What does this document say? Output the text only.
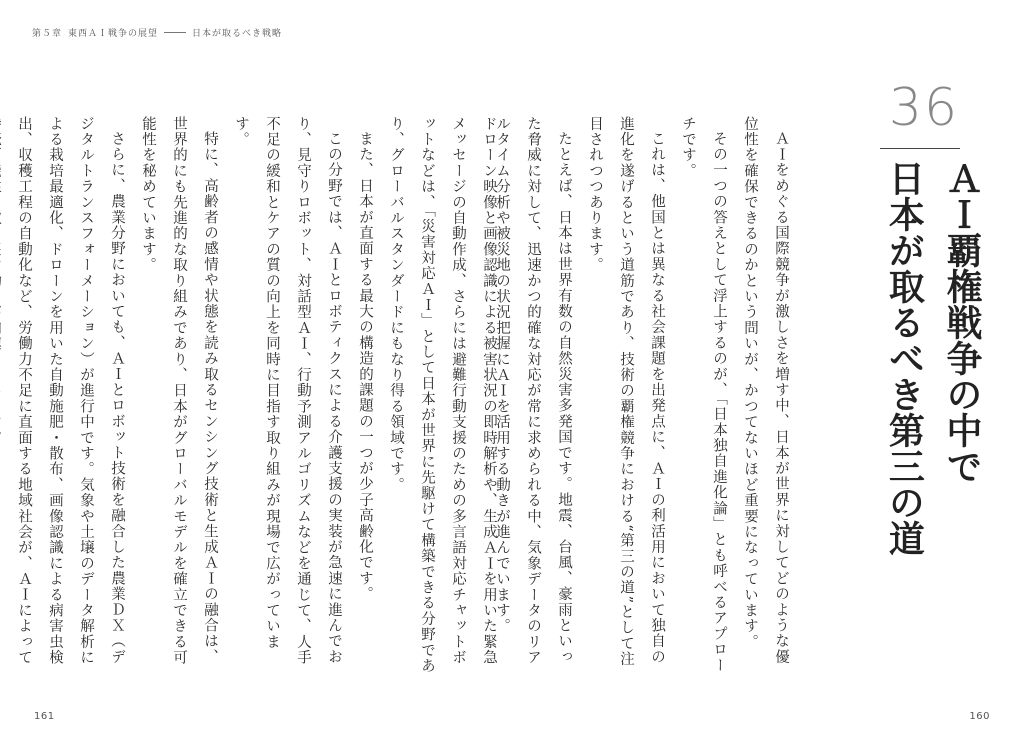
第５章 東西ＡＩ戦争の展望	日本が取るべき戦略
36
ＡＩ覇権戦争の中で
日本が取るべき第三の道

ＡＩをめぐる国際競争が激しさを増す中、日本が世界に対してどのような優位性を確保できるのかという問いが、かつてないほど重要になっています。

その一つの答えとして浮上するのが、「日本独自進化論」とも呼べるアプローチです。

これは、他国とは異なる社会課題を出発点に、ＡＩの利活用において独自の進化を遂げるという道筋であり、技術の覇権競争における“第三の道”として注目されつつあります。

たとえば、日本は世界有数の自然災害多発国です。地震、台風、豪雨といった脅威に対して、迅速かつ的確な対応が常に求められる中、気象データのリアルタイム分析や被災地の状況把握にＡＩを活用する動きが進んでいます。

ドローン映像と画像認識による被害状況の即時解析や、生成ＡＩを用いた緊急メッセージの自動作成、さらには避難行動支援のための多言語対応チャットボットなどは、「災害対応ＡＩ」として日本が世界に先駆けて構築できる分野であり、グローバルスタンダードにもなり得る領域です。

また、日本が直面する最大の構造的課題の一つが少子高齢化です。

この分野では、ＡＩとロボティクスによる介護支援の実装が急速に進んでおり、見守りロボット、対話型ＡＩ、行動予測アルゴリズムなどを通じて、人手不足の緩和とケアの質の向上を同時に目指す取り組みが現場で広がっています。

特に、高齢者の感情や状態を読み取るセンシング技術と生成ＡＩの融合は、世界的にも先進的な取り組みであり、日本がグローバルモデルを確立できる可能性を秘めています。

さらに、農業分野においても、ＡＩとロボット技術を融合した農業ＤＸ（デジタルトランスフォーメーション）が進行中です。気象や土壌のデータ解析による栽培最適化、ドローンを用いた自動施肥・散布、画像認識による病害虫検出、収穫工程の自動化など、労働力不足に直面する地域社会が、ＡＩによって

161	160
